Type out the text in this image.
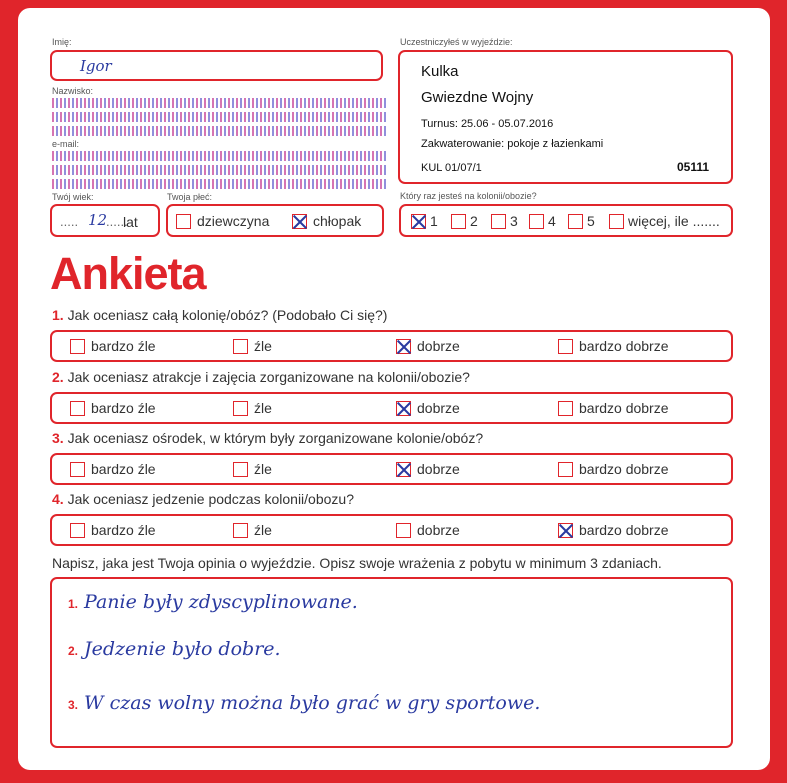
Imię:
Igor
Nazwisko:
e-mail:
Twój wiek:
..... 12
......
lat
Twoja płeć:
dziewczyna	chłopak
Uczestniczyłeś w wyjeździe:
Kulka
Gwiezdne Wojny
Turnus: 25.06 - 05.07.2016
Zakwaterowanie: pokoje z łazienkami
KUL 01/07/1	05111
Który raz jesteś na kolonii/obozie?
1 2 3 4 5 więcej, ile .......
Ankieta
1. Jak oceniasz całą kolonię/obóz? (Podobało Ci się?)
bardzo źle	źle	dobrze	bardzo dobrze
2. Jak oceniasz atrakcje i zajęcia zorganizowane na kolonii/obozie?
bardzo źle	źle	dobrze	bardzo dobrze
3. Jak oceniasz ośrodek, w którym były zorganizowane kolonie/obóz?
bardzo źle	źle	dobrze	bardzo dobrze
4. Jak oceniasz jedzenie podczas kolonii/obozu?
bardzo źle	źle	dobrze	bardzo dobrze
Napisz, jaka jest Twoja opinia o wyjeździe. Opisz swoje wrażenia z pobytu w minimum 3 zdaniach.
1. Panie były zdyscyplinowane.
2. Jedzenie było dobre.
3. W czas wolny można było grać w gry sportowe.
